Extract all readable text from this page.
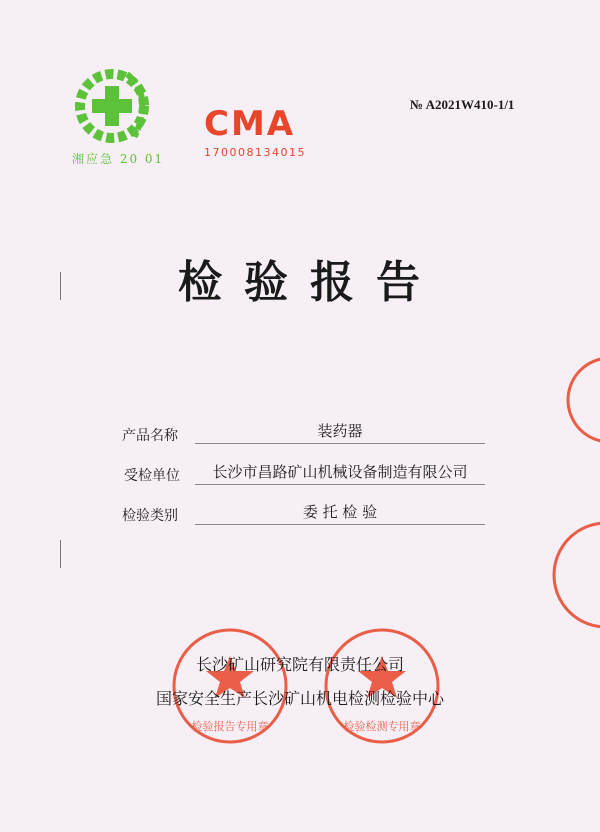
湘应急 20 01
CMA
170008134015
№ A2021W410-1/1
检验报告
产品名称	装药器
受检单位	长沙市昌路矿山机械设备制造有限公司
检验类别	委 托 检 验
检验报告专用章	检验检测专用章
长沙矿山研究院有限责任公司
国家安全生产长沙矿山机电检测检验中心
